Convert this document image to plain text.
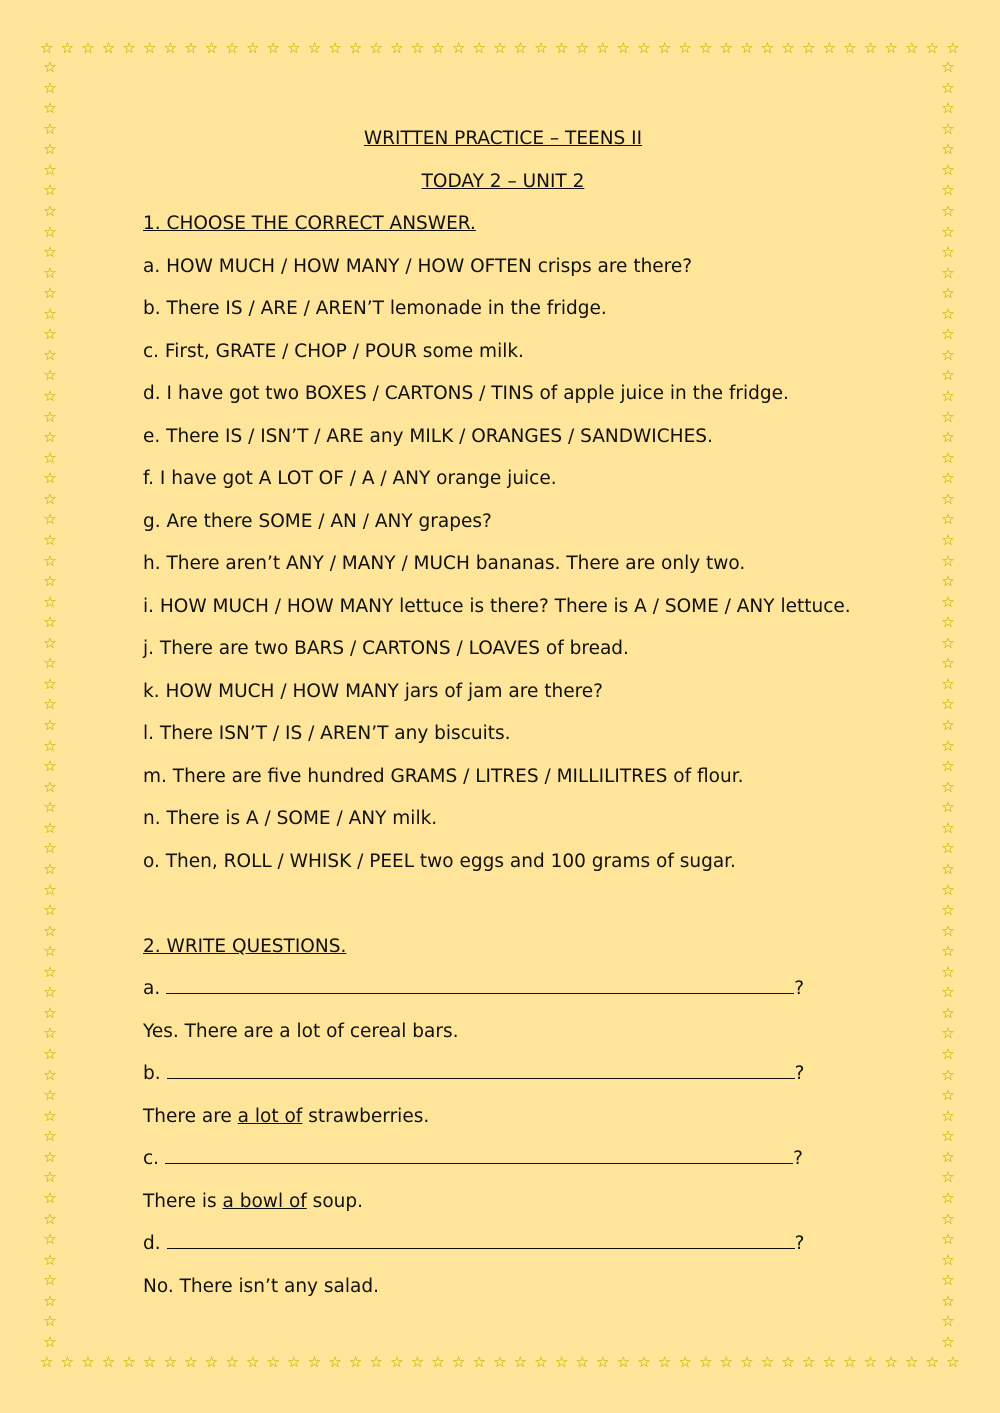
☆ ☆ ☆ ☆ ☆ ☆ ☆ ☆ ☆ ☆ ☆ ☆ ☆ ☆ ☆ ☆ ☆ ☆ ☆ ☆ ☆ ☆ ☆ ☆ ☆ ☆ ☆ ☆ ☆ ☆ ☆ ☆ ☆ ☆ ☆ ☆ ☆ ☆ ☆ ☆ ☆ ☆ ☆ ☆ ☆
☆ ☆ ☆ ☆ ☆ ☆ ☆ ☆ ☆ ☆ ☆ ☆ ☆ ☆ ☆ ☆ ☆ ☆ ☆ ☆ ☆ ☆ ☆ ☆ ☆ ☆ ☆ ☆ ☆ ☆ ☆ ☆ ☆ ☆ ☆ ☆ ☆ ☆ ☆ ☆ ☆ ☆ ☆ ☆ ☆
☆
☆
☆
☆
☆
☆
☆
☆
☆
☆
☆
☆
☆
☆
☆
☆
☆
☆
☆
☆
☆
☆
☆
☆
☆
☆
☆
☆
☆
☆
☆
☆
☆
☆
☆
☆
☆
☆
☆
☆
☆
☆
☆
☆
☆
☆
☆
☆
☆
☆
☆
☆
☆
☆
☆
☆
☆
☆
☆
☆
☆
☆
☆
☆
☆
☆
☆
☆
☆
☆
☆
☆
☆
☆
☆
☆
☆
☆
☆
☆
☆
☆
☆
☆
☆
☆
☆
☆
☆
☆
☆
☆
☆
☆
☆
☆
☆
☆
☆
☆
☆
☆
☆
☆
☆
☆
☆
☆
☆
☆
☆
☆
☆
☆
☆
☆
☆
☆
☆
☆
☆
☆
☆
☆
☆
☆

WRITTEN PRACTICE – TEENS II

TODAY 2 – UNIT 2

1. CHOOSE THE CORRECT ANSWER.

a. HOW MUCH / HOW MANY / HOW OFTEN crisps are there?

b. There IS / ARE / AREN’T lemonade in the fridge.

c. First, GRATE / CHOP / POUR some milk.

d. I have got two BOXES / CARTONS / TINS of apple juice in the fridge.

e. There IS / ISN’T / ARE any MILK / ORANGES / SANDWICHES.

f. I have got A LOT OF / A / ANY orange juice.

g. Are there SOME / AN / ANY grapes?

h. There aren’t ANY / MANY / MUCH bananas. There are only two.

i. HOW MUCH / HOW MANY lettuce is there? There is A / SOME / ANY lettuce.

j. There are two BARS / CARTONS / LOAVES of bread.

k. HOW MUCH / HOW MANY jars of jam are there?

l. There ISN’T / IS / AREN’T any biscuits.

m. There are five hundred GRAMS / LITRES / MILLILITRES of flour.

n. There is A / SOME / ANY milk.

o. Then, ROLL / WHISK / PEEL two eggs and 100 grams of sugar.

2. WRITE QUESTIONS.

a.	?

Yes. There are a lot of cereal bars.

b.	?

There are a lot of strawberries.

c.	?

There is a bowl of soup.

d.	?

No. There isn’t any salad.
